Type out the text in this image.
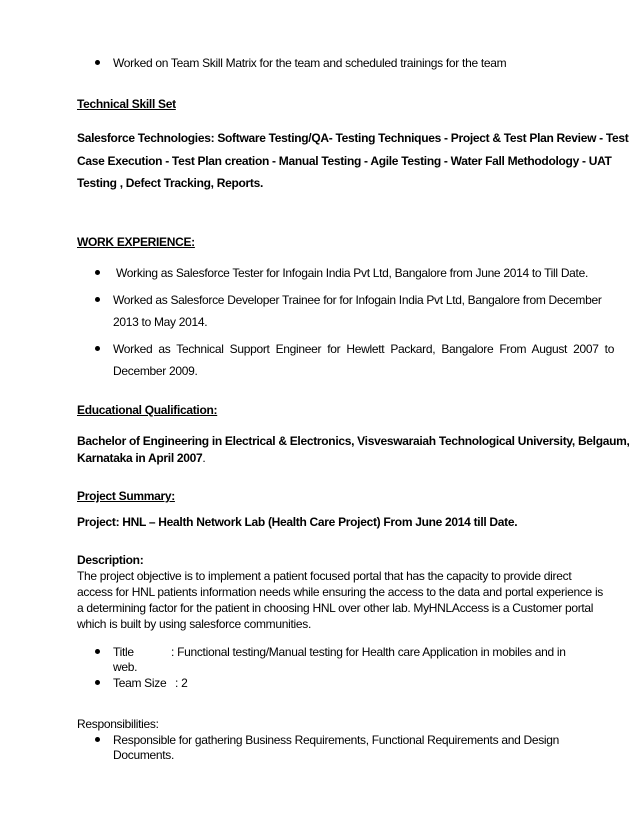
Worked on Team Skill Matrix for the team and scheduled trainings for the team
Technical Skill Set
Salesforce Technologies: Software Testing/QA- Testing Techniques - Project & Test Plan Review - Test
Case Execution - Test Plan creation - Manual Testing - Agile Testing - Water Fall Methodology - UAT
Testing , Defect Tracking, Reports.
WORK EXPERIENCE:
Working as Salesforce Tester for Infogain India Pvt Ltd, Bangalore from June 2014 to Till Date.
Worked as Salesforce Developer Trainee for for Infogain India Pvt Ltd, Bangalore from December
2013 to May 2014.
Worked as Technical Support Engineer for Hewlett Packard, Bangalore From August 2007 to
December 2009.
Educational Qualification:
Bachelor of Engineering in Electrical & Electronics, Visveswaraiah Technological University, Belgaum,
Karnataka in April 2007.
Project Summary:
Project: HNL – Health Network Lab (Health Care Project) From June 2014 till Date.
Description:
The project objective is to implement a patient focused portal that has the capacity to provide direct
access for HNL patients information needs while ensuring the access to the data and portal experience is
a determining factor for the patient in choosing HNL over other lab. MyHNLAccess is a Customer portal
which is built by using salesforce communities.
Title	: Functional testing/Manual testing for Health care Application in mobiles and in
web.
Team Size : 2
Responsibilities:
Responsible for gathering Business Requirements, Functional Requirements and Design
Documents.
